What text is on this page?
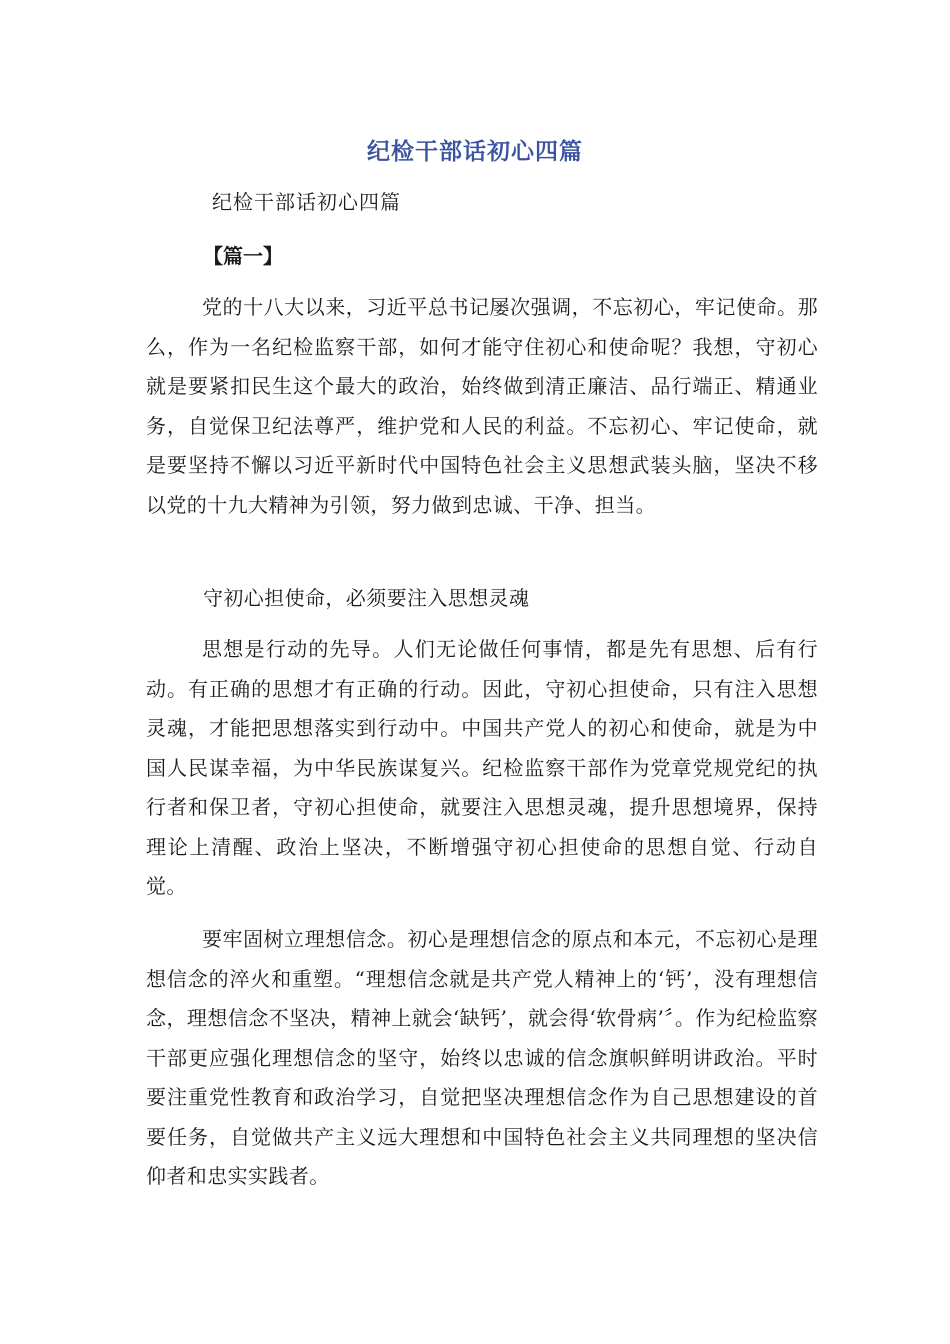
纪检干部话初心四篇
纪检干部话初心四篇
【篇一】
党的十八大以来，习近平总书记屡次强调，不忘初心，牢记使命。那么，作为一名纪检监察干部，如何才能守住初心和使命呢？我想，守初心就是要紧扣民生这个最大的政治，始终做到清正廉洁、品行端正、精通业务，自觉保卫纪法尊严，维护党和人民的利益。不忘初心、牢记使命，就是要坚持不懈以习近平新时代中国特色社会主义思想武装头脑，坚决不移以党的十九大精神为引领，努力做到忠诚、干净、担当。
守初心担使命，必须要注入思想灵魂
思想是行动的先导。人们无论做任何事情，都是先有思想、后有行动。有正确的思想才有正确的行动。因此，守初心担使命，只有注入思想灵魂，才能把思想落实到行动中。中国共产党人的初心和使命，就是为中国人民谋幸福，为中华民族谋复兴。纪检监察干部作为党章党规党纪的执行者和保卫者，守初心担使命，就要注入思想灵魂，提升思想境界，保持理论上清醒、政治上坚决，不断增强守初心担使命的思想自觉、行动自觉。
要牢固树立理想信念。初心是理想信念的原点和本元，不忘初心是理想信念的淬火和重塑。“理想信念就是共产党人精神上的‘钙’，没有理想信念，理想信念不坚决，精神上就会‘缺钙’，就会得‘软骨病’〞。作为纪检监察干部更应强化理想信念的坚守，始终以忠诚的信念旗帜鲜明讲政治。平时要注重党性教育和政治学习，自觉把坚决理想信念作为自己思想建设的首要任务，自觉做共产主义远大理想和中国特色社会主义共同理想的坚决信仰者和忠实实践者。
